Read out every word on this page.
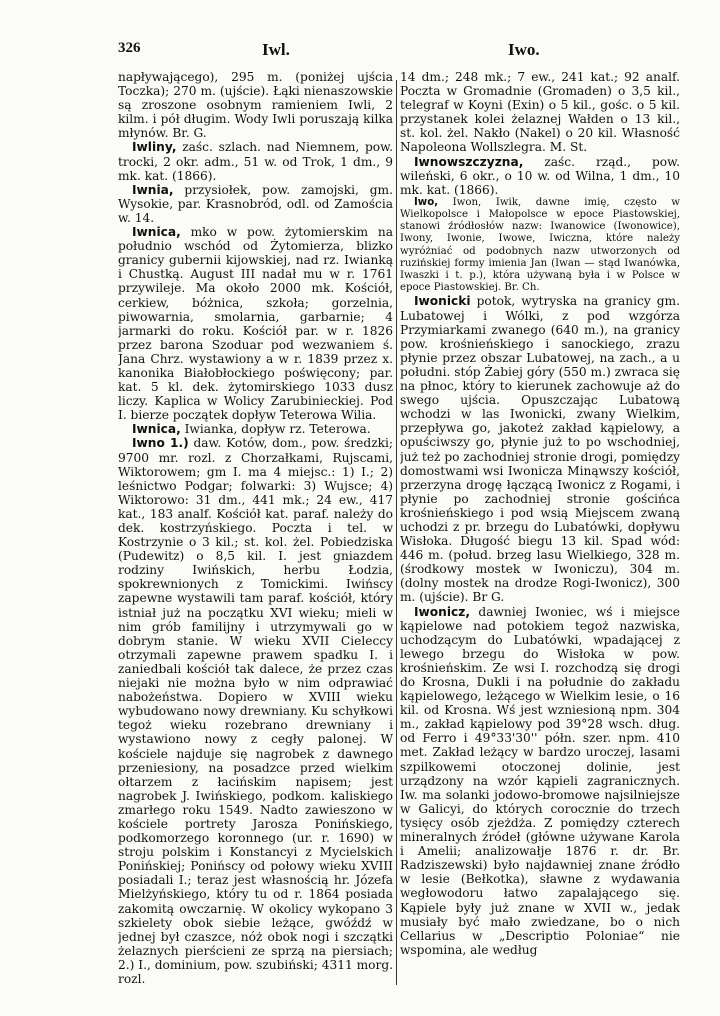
326	Iwl.	Iwo.

napływającego), 295 m. (poniżej ujścia Toczka); 270 m. (ujście). Łąki nienaszowskie są zroszone osobnym ramieniem Iwli, 2 kilm. i pół długim. Wody Iwli poruszają kilka młynów. Br. G.

Iwliny, zaśc. szlach. nad Niemnem, pow. trocki, 2 okr. adm., 51 w. od Trok, 1 dm., 9 mk. kat. (1866).

Iwnia, przysiołek, pow. zamojski, gm. Wysokie, par. Krasnobród, odl. od Zamościa w. 14.

Iwnica, mko w pow. żytomierskim na południo wschód od Żytomierza, blizko granicy gubernii kijowskiej, nad rz. Iwianką i Chustką. August III nadał mu w r. 1761 przywileje. Ma około 2000 mk. Kościół, cerkiew, bóżnica, szkoła; gorzelnia, piwowarnia, smolarnia, garbarnie; 4 jarmarki do roku. Kościół par. w r. 1826 przez barona Szoduar pod wezwaniem ś. Jana Chrz. wystawiony a w r. 1839 przez x. kanonika Białobłockiego poświęcony; par. kat. 5 kl. dek. żytomirskiego 1033 dusz liczy. Kaplica w Wolicy Zarubinieckiej. Pod I. bierze początek dopływ Teterowa Wilia.

Iwnica, Iwianka, dopływ rz. Teterowa.

Iwno 1.) daw. Kotów, dom., pow. średzki; 9700 mr. rozl. z Chorzałkami, Rujscami, Wiktorowem; gm I. ma 4 miejsc.: 1) I.; 2) leśnictwo Podgar; folwarki: 3) Wujsce; 4) Wiktorowo: 31 dm., 441 mk.; 24 ew., 417 kat., 183 analf. Kościół kat. paraf. należy do dek. kostrzyńskiego. Poczta i tel. w Kostrzynie o 3 kil.; st. kol. żel. Pobiedziska (Pudewitz) o 8,5 kil. I. jest gniazdem rodziny Iwińskich, herbu Łodzia, spokrewnionych z Tomickimi. Iwińscy zapewne wystawili tam paraf. kościół, który istniał już na początku XVI wieku; mieli w nim grób familijny i utrzymywali go w dobrym stanie. W wieku XVII Cieleccy otrzymali zapewne prawem spadku I. i zaniedbali kościół tak dalece, że przez czas niejaki nie można było w nim odprawiać nabożeństwa. Dopiero w XVIII wieku wybudowano nowy drewniany. Ku schyłkowi tegoż wieku rozebrano drewniany i wystawiono nowy z cegły palonej. W kościele najduje się nagrobek z dawnego przeniesiony, na posadzce przed wielkim ołtarzem z łacińskim napisem; jest nagrobek J. Iwińskiego, podkom. kaliskiego zmarłego roku 1549. Nadto zawieszono w kościele portrety Jarosza Ponińskiego, podkomorzego koronnego (ur. r. 1690) w stroju polskim i Konstancyi z Mycielskich Ponińskiej; Ponińscy od połowy wieku XVIII posiadali I.; teraz jest własnością hr. Józefa Mielżyńskiego, który tu od r. 1864 posiada zakomitą owczarnię. W okolicy wykopano 3 szkielety obok siebie leżące, gwóźdź w jednej był czaszce, nóż obok nogi i szczątki żelaznych pierścieni ze sprzą na piersiach; 2.) I., dominium, pow. szubiński; 4311 morg. rozl.

14 dm.; 248 mk.; 7 ew., 241 kat.; 92 analf. Poczta w Gromadnie (Gromaden) o 3,5 kil., telegraf w Koyni (Exin) o 5 kil., gośc. o 5 kil. przystanek kolei żelaznej Wałden o 13 kil., st. kol. żel. Nakło (Nakel) o 20 kil. Własność Napoleona Wollszlegra. M. St.

Iwnowszczyzna, zaśc. rząd., pow. wileński, 6 okr., o 10 w. od Wilna, 1 dm., 10 mk. kat. (1866).

Iwo, Iwon, Iwik, dawne imię, często w Wielkopolsce i Małopolsce w epoce Piastowskiej, stanowi źródłosłów nazw: Iwanowice (Iwonowice), Iwony, Iwonie, Iwowe, Iwiczna, które należy wyróżniać od podobnych nazw utworzonych od ruzińskiej formy imienia Jan (Iwan — stąd Iwanówka, Iwaszki i t. p.), która używaną była i w Polsce w epoce Piastowskiej. Br. Ch.

Iwonicki potok, wytryska na granicy gm. Lubatowej i Wólki, z pod wzgórza Przymiarkami zwanego (640 m.), na granicy pow. krośnieńskiego i sanockiego, zrazu płynie przez obszar Lubatowej, na zach., a u południ. stóp Żabiej góry (550 m.) zwraca się na płnoc, który to kierunek zachowuje aż do swego ujścia. Opuszczając Lubatową wchodzi w las Iwonicki, zwany Wielkim, przepływa go, jakoteż zakład kąpielowy, a opuściwszy go, płynie już to po wschodniej, już też po zachodniej stronie drogi, pomiędzy domostwami wsi Iwonicza Minąwszy kościół, przerzyna drogę łączącą Iwonicz z Rogami, i płynie po zachodniej stronie gościńca krośnieńskiego i pod wsią Miejscem zwaną uchodzi z pr. brzegu do Lubatówki, dopływu Wisłoka. Długość biegu 13 kil. Spad wód: 446 m. (połud. brzeg lasu Wielkiego, 328 m. (środkowy mostek w Iwoniczu), 304 m. (dolny mostek na drodze Rogi-Iwonicz), 300 m. (ujście). Br G.

Iwonicz, dawniej Iwoniec, wś i miejsce kąpielowe nad potokiem tegoż nazwiska, uchodzącym do Lubatówki, wpadającej z lewego brzegu do Wisłoka w pow. krośnieńskim. Ze wsi I. rozchodzą się drogi do Krosna, Dukli i na południe do zakładu kąpielowego, leżącego w Wielkim lesie, o 16 kil. od Krosna. Wś jest wzniesioną npm. 304 m., zakład kąpielowy pod 39°28 wsch. dług. od Ferro i 49°33'30'' półn. szer. npm. 410 met. Zakład leżący w bardzo uroczej, lasami szpilkowemi otoczonej dolinie, jest urządzony na wzór kąpieli zagranicznych. Iw. ma solanki jodowo-bromowe najsilniejsze w Galicyi, do których corocznie do trzech tysięcy osób zjeżdża. Z pomiędzy czterech mineralnych źródeł (główne używane Karola i Amelii; analizowałje 1876 r. dr. Br. Radziszewski) było najdawniej znane źródło w lesie (Bełkotka), sławne z wydawania wegłowodoru łatwo zapalającego się. Kąpiele były już znane w XVII w., jedak musiały być mało zwiedzane, bo o nich Cellarius w „Descriptio Poloniae“ nie wspomina, ale według
